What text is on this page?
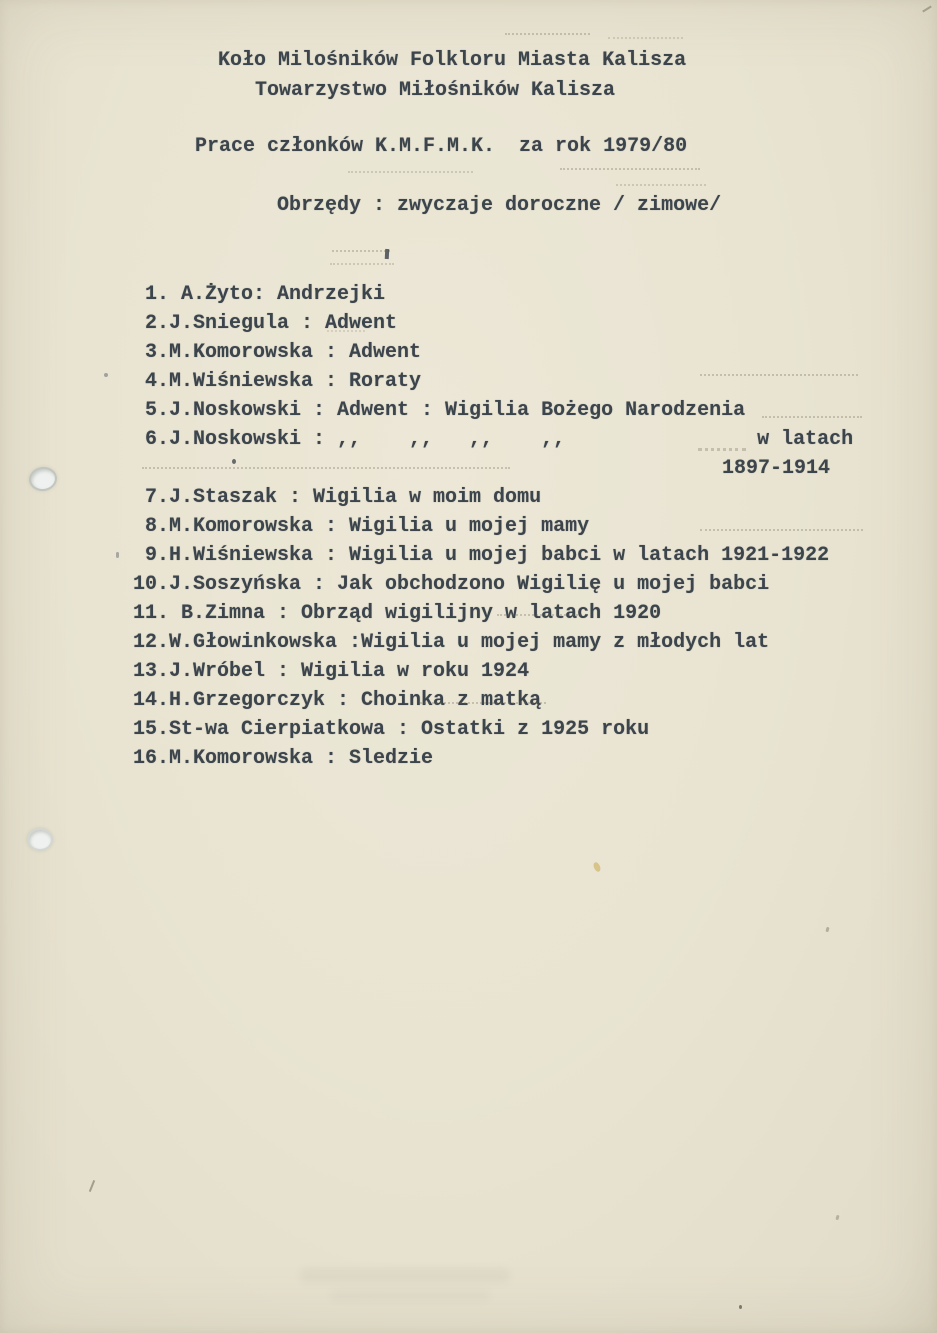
Koło Milośników Folkloru Miasta Kalisza
Towarzystwo Miłośników Kalisza
Prace członków K.M.F.M.K.  za rok 1979/80
Obrzędy : zwyczaje doroczne / zimowe/
1. A.Żyto: Andrzejki
2.J.Sniegula : Adwent
3.M.Komorowska : Adwent
4.M.Wiśniewska : Roraty
5.J.Noskowski : Adwent : Wigilia Bożego Narodzenia
6.J.Noskowski : ,,    ,,   ,,    ,,                w latach
1897-1914
7.J.Staszak : Wigilia w moim domu
8.M.Komorowska : Wigilia u mojej mamy
9.H.Wiśniewska : Wigilia u mojej babci w latach 1921-1922
10.J.Soszyńska : Jak obchodzono Wigilię u mojej babci
11. B.Zimna : Obrząd wigilijny w latach 1920
12.W.Głowinkowska :Wigilia u mojej mamy z młodych lat
13.J.Wróbel : Wigilia w roku 1924
14.H.Grzegorczyk : Choinka z matką
15.St-wa Cierpiatkowa : Ostatki z 1925 roku
16.M.Komorowska : Sledzie
